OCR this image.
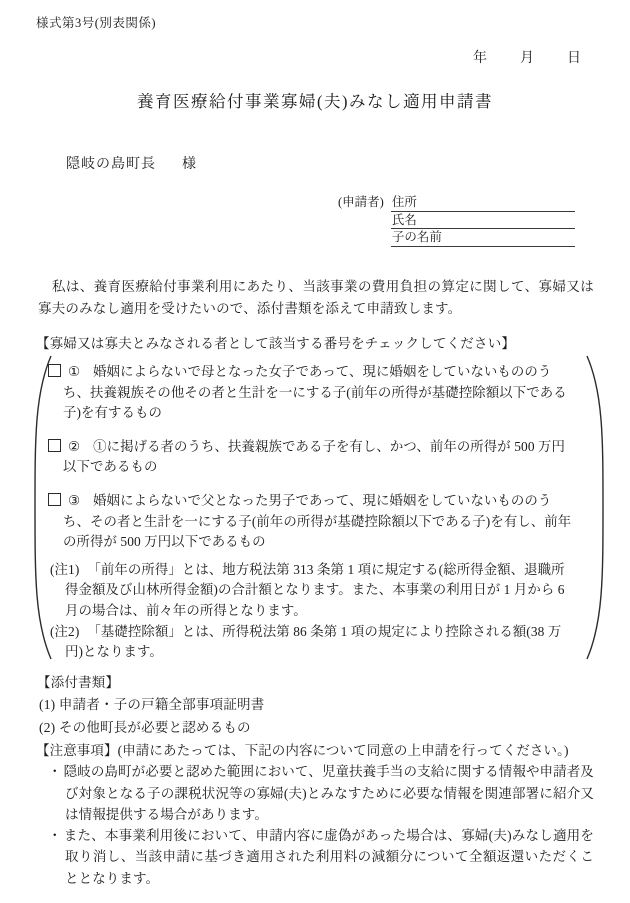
様式第3号(別表関係)
年 月 日
養育医療給付事業寡婦(夫)みなし適用申請書
隠岐の島町長 様
(申請者) 住所
氏名
子の名前

　私は、養育医療給付事業利用にあたり、当該事業の費用負担の算定に関して、寡婦又は寡夫のみなし適用を受けたいので、添付書類を添えて申請致します。

【寡婦又は寡夫とみなされる者として該当する番号をチェックしてください】
① 婚姻によらないで母となった女子であって、現に婚姻をしていないもののうち、扶養親族その他その者と生計を一にする子(前年の所得が基礎控除額以下である子)を有するもの
② ①に掲げる者のうち、扶養親族である子を有し、かつ、前年の所得が 500 万円以下であるもの
③ 婚姻によらないで父となった男子であって、現に婚姻をしていないもののうち、その者と生計を一にする子(前年の所得が基礎控除額以下である子)を有し、前年の所得が 500 万円以下であるもの
(注1) 「前年の所得」とは、地方税法第 313 条第 1 項に規定する(総所得金額、退職所得金額及び山林所得金額)の合計額となります。また、本事業の利用日が 1 月から 6 月の場合は、前々年の所得となります。
(注2) 「基礎控除額」とは、所得税法第 86 条第 1 項の規定により控除される額(38 万円)となります。
【添付書類】
(1) 申請者・子の戸籍全部事項証明書
(2) その他町長が必要と認めるもの
【注意事項】(申請にあたっては、下記の内容について同意の上申請を行ってください。)
・ 隠岐の島町が必要と認めた範囲において、児童扶養手当の支給に関する情報や申請者及び対象となる子の課税状況等の寡婦(夫)とみなすために必要な情報を関連部署に紹介又は情報提供する場合があります。
・ また、本事業利用後において、申請内容に虚偽があった場合は、寡婦(夫)みなし適用を取り消し、当該申請に基づき適用された利用料の減額分について全額返還いただくこととなります。
